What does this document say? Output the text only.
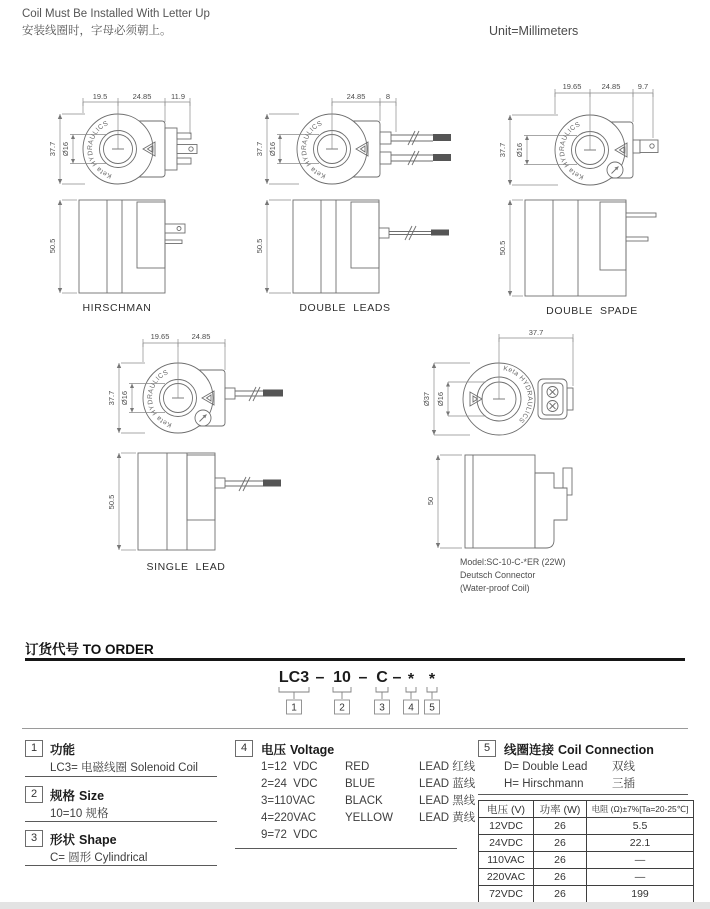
Coil Must Be Installed With Letter Up
安装线圈时，字母必须朝上。	Unit=Millimeters
Keta HYDRAULICS
19.5	24.85	11.9
37.7 Ø16
50.5
HIRSCHMAN
Keta HYDRAULICS
24.85	8
37.7 Ø16
50.5
DOUBLE  LEADS
Keta HYDRAULICS
19.65	24.85 9.7
37.7 Ø16
50.5
DOUBLE  SPADE
Keta HYDRAULICS
19.65	24.85
37.7 Ø16
50.5
SINGLE  LEAD
Keta HYDRAULICS
37.7
Ø37 Ø16
50
Model:SC-10-C-*ER (22W)
Deutsch Connector
(Water-proof Coil)
订货代号 TO ORDER
LC3 – 10 – C – * *
1	2	3 4 5
1	功能
LC3= 电磁线圈 Solenoid Coil
2	规格 Size
10=10 规格
3	形状 Shape
C= 圆形 Cylindrical
4	电压 Voltage
1=12  VDC	RED	LEAD 红线
2=24  VDC	BLUE	LEAD 蓝线
3=110VAC	BLACK	LEAD 黑线
4=220VAC	YELLOW	LEAD 黄线
9=72  VDC
5	线圈连接 Coil Connection
D= Double Lead	双线
H= Hirschmann	三插
电压 (V)	功率 (W)	电阻 (Ω)±7%[Ta=20-25℃]
12VDC	26	5.5
24VDC	26	22.1
110VAC	26	—
220VAC	26	—
72VDC	26	199
